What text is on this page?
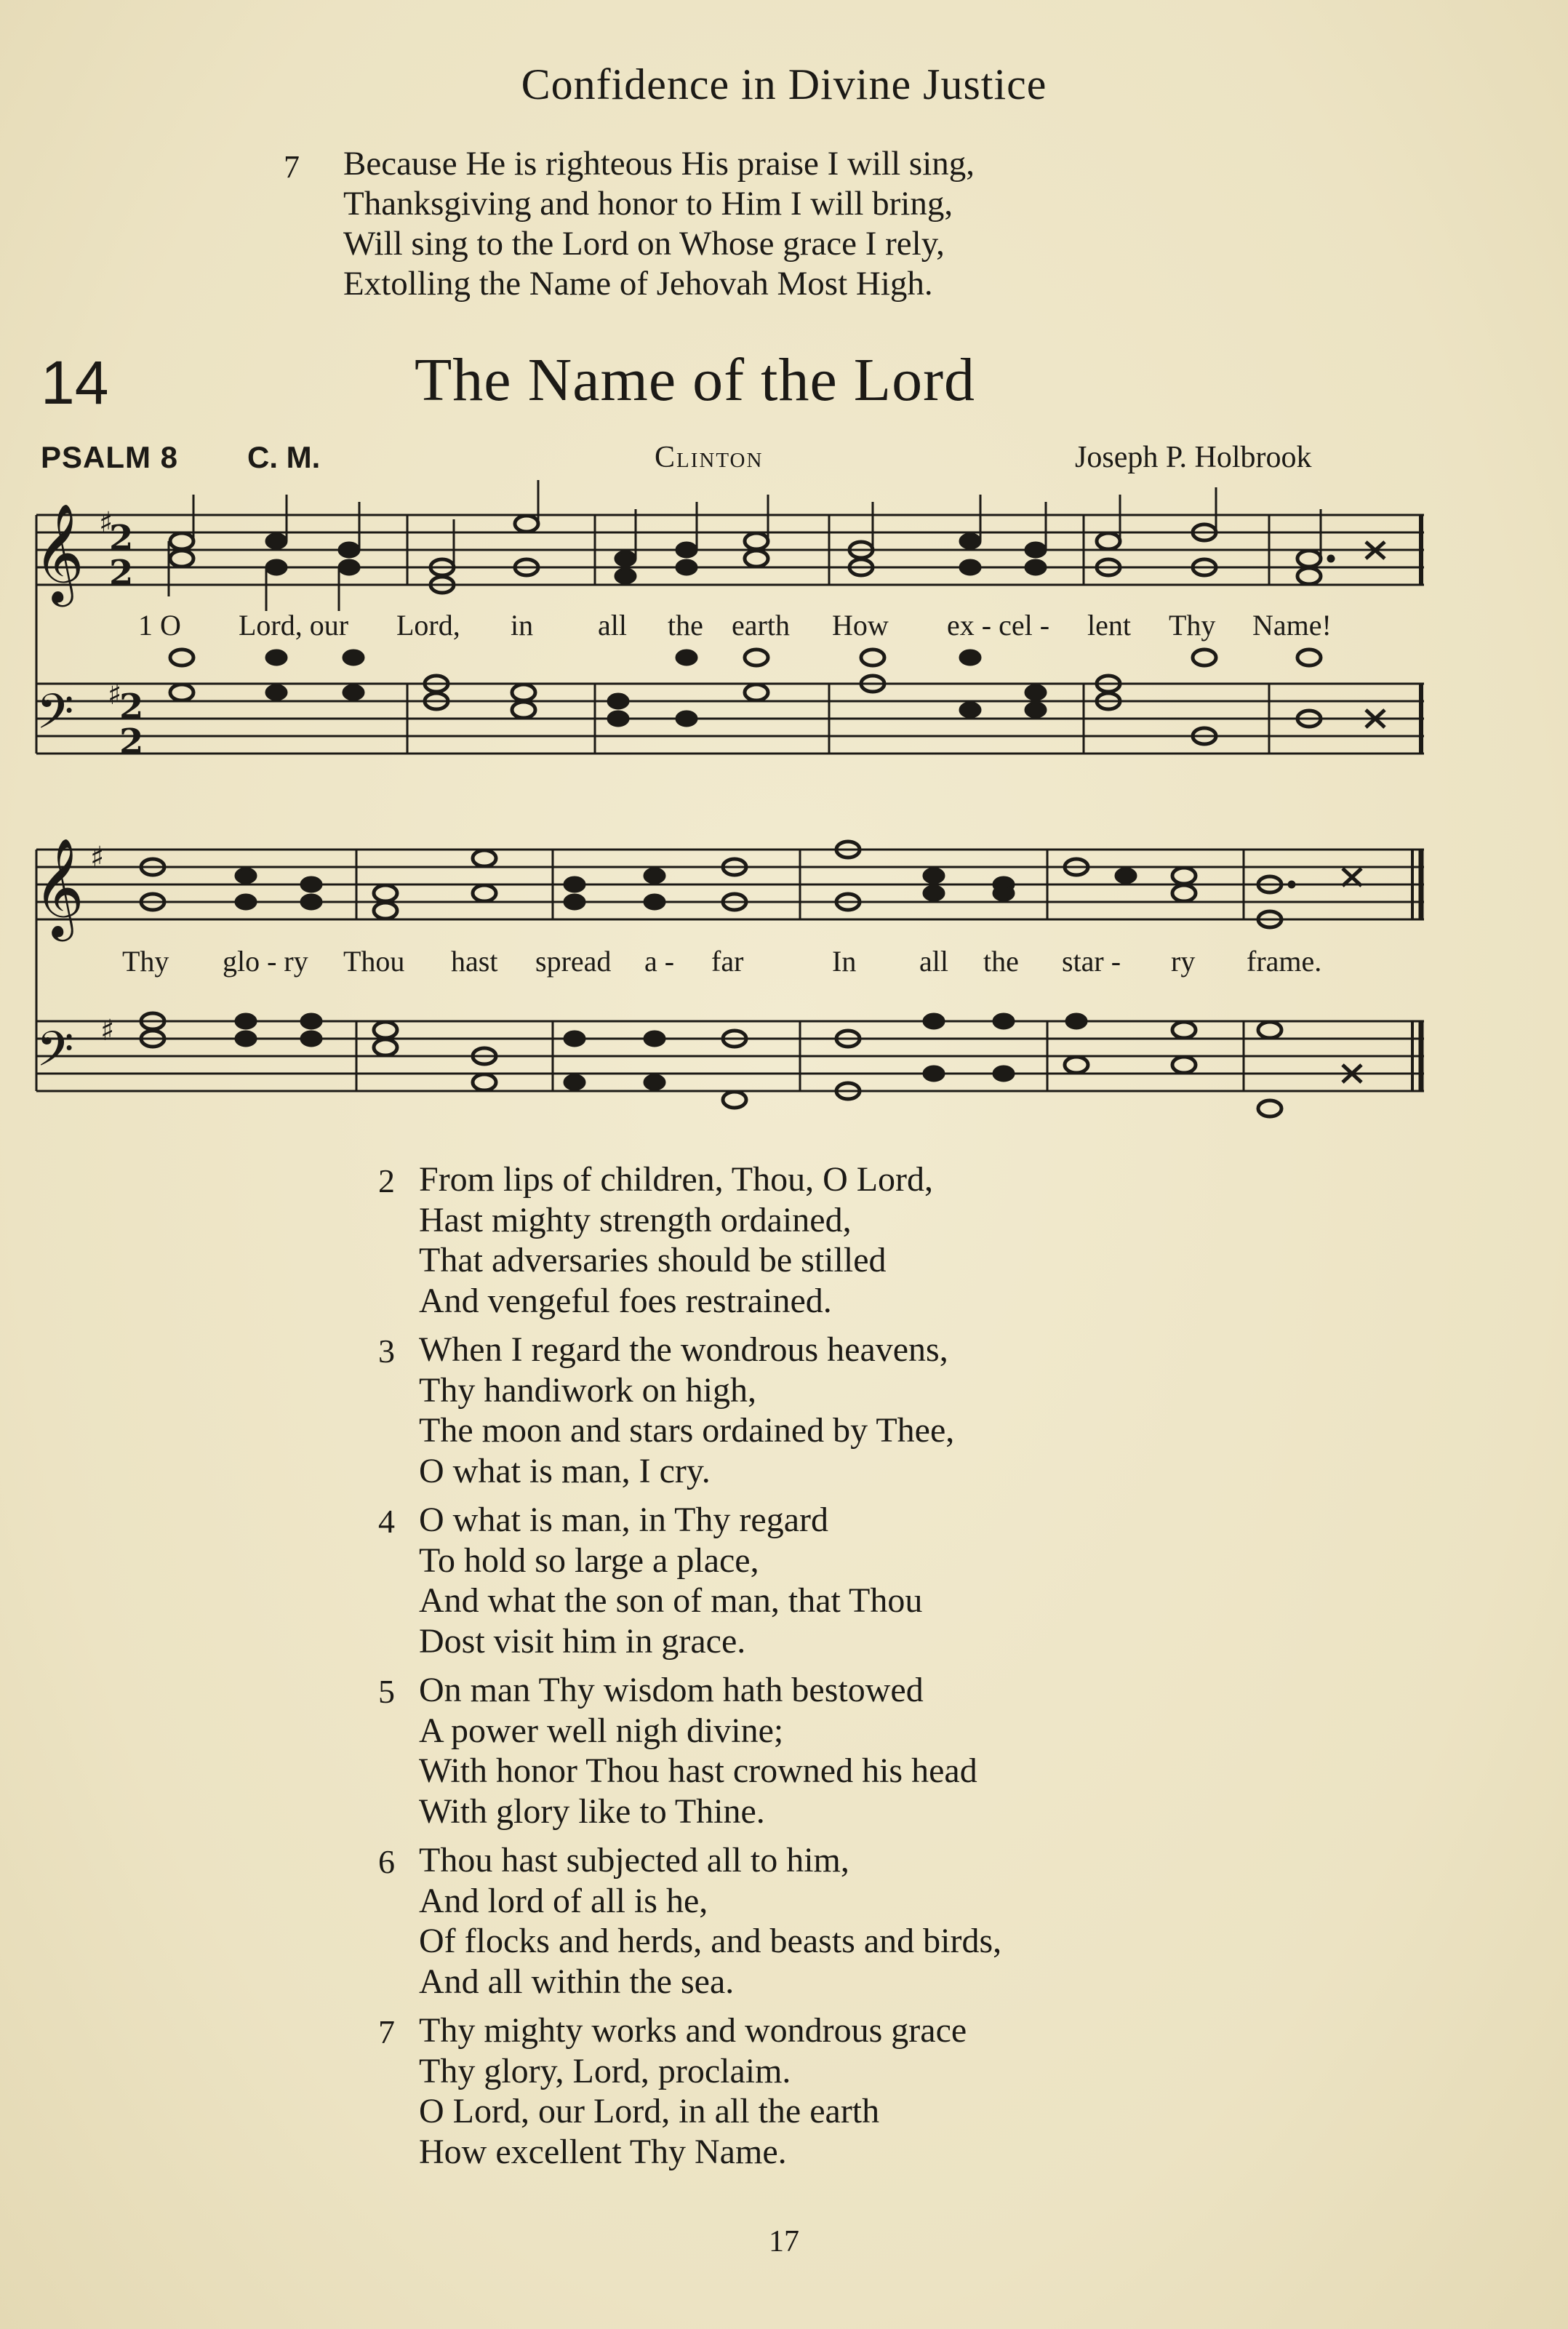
Confidence in Divine Justice
7 Because He is righteous His praise I will sing,
Thanksgiving and honor to Him I will bring,
Will sing to the Lord on Whose grace I rely,
Extolling the Name of Jehovah Most High.
14	The Name of the Lord
PSALM 8 C. M.	Clinton	Joseph P. Holbrook
𝄞
𝄢
𝄞
𝄢
♯
♯
♯
♯
2
2
2
2
1 O Lord, our Lord, in all the earth How ex - cel - lent Thy Name!
Thy glo - ry Thou hast spread a - far	In all the star - ry frame.
2 From lips of children, Thou, O Lord,
Hast mighty strength ordained,
That adversaries should be stilled
And vengeful foes restrained.
3 When I regard the wondrous heavens,
Thy handiwork on high,
The moon and stars ordained by Thee,
O what is man, I cry.
4 O what is man, in Thy regard
To hold so large a place,
And what the son of man, that Thou
Dost visit him in grace.
5 On man Thy wisdom hath bestowed
A power well nigh divine;
With honor Thou hast crowned his head
With glory like to Thine.
6 Thou hast subjected all to him,
And lord of all is he,
Of flocks and herds, and beasts and birds,
And all within the sea.
7 Thy mighty works and wondrous grace
Thy glory, Lord, proclaim.
O Lord, our Lord, in all the earth
How excellent Thy Name.
17
